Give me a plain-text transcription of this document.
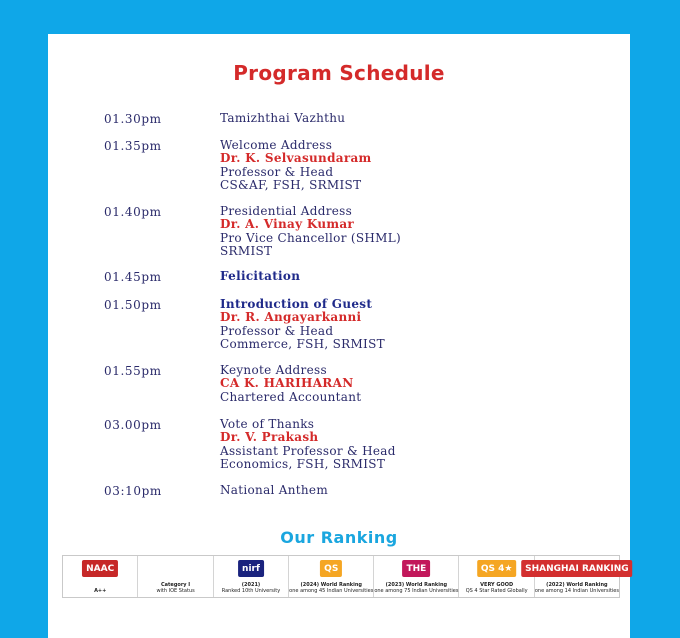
Program Schedule
01.30pm	Tamizhthai Vazhthu
01.35pm	Welcome Address
Dr. K. Selvasundaram
Professor & Head
CS&AF, FSH, SRMIST
01.40pm	Presidential Address
Dr. A. Vinay Kumar
Pro Vice Chancellor (SHML)
SRMIST
01.45pm	Felicitation
01.50pm	Introduction of Guest
Dr. R. Angayarkanni
Professor & Head
Commerce, FSH, SRMIST
01.55pm	Keynote Address
CA K. HARIHARAN
Chartered Accountant
03.00pm	Vote of Thanks
Dr. V. Prakash
Assistant Professor & Head
Economics, FSH, SRMIST
03:10pm	National Anthem
Our Ranking
NAAC
A++
Category I
with IOE Status
nirf
(2021)
Ranked 10th University
QS
(2024) World Ranking
one among 45 Indian Universities
THE
(2023) World Ranking
one among 75 Indian Universities
QS 4★
VERY GOOD
QS 4 Star Rated Globally
SHANGHAI RANKING
(2022) World Ranking
one among 14 Indian Universities
